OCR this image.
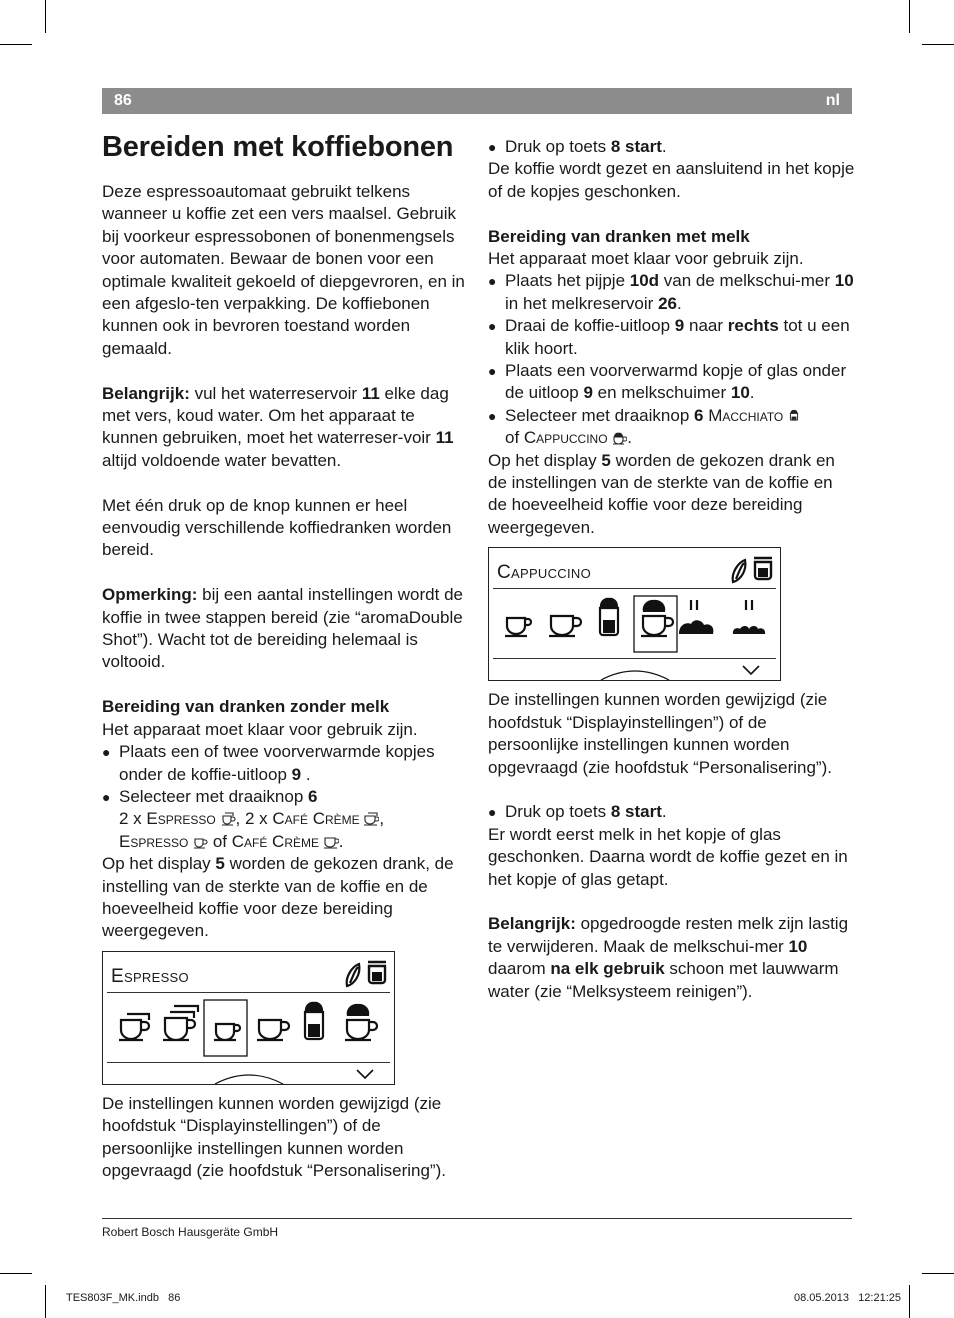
86	nl
Bereiden met koffiebonen

Deze espressoautomaat gebruikt telkens wanneer u koffie zet een vers maalsel. Gebruik bij voorkeur espressobonen of bonenmengsels voor automaten. Bewaar de bonen voor een optimale kwaliteit gekoeld of diepgevroren, en in een afgeslo-ten verpakking. De koffiebonen kunnen ook in bevroren toestand worden gemaald.

Belangrijk: vul het waterreservoir 11 elke dag met vers, koud water. Om het apparaat te kunnen gebruiken, moet het waterreser-voir 11 altijd voldoende water bevatten.

Met één druk op de knop kunnen er heel eenvoudig verschillende koffiedranken worden bereid.

Opmerking: bij een aantal instellingen wordt de koffie in twee stappen bereid (zie “aromaDouble Shot”). Wacht tot de bereiding helemaal is voltooid.

Bereiding van dranken zonder melk

Het apparaat moet klaar voor gebruik zijn.

● Plaats een of twee voorverwarmde kopjes onder de koffie-uitloop 9 .

● Selecteer met draaiknop 6
2 x Espresso , 2 x Café Crème ,
Espresso  of Café Crème .

Op het display 5 worden de gekozen drank, de instelling van de sterkte van de koffie en de hoeveelheid koffie voor deze bereiding weergegeven.

Espresso

De instellingen kunnen worden gewijzigd (zie hoofdstuk “Displayinstellingen”) of de persoonlijke instellingen kunnen worden opgevraagd (zie hoofdstuk “Personalisering”).

● Druk op toets 8 start.

De koffie wordt gezet en aansluitend in het kopje of de kopjes geschonken.

Bereiding van dranken met melk

Het apparaat moet klaar voor gebruik zijn.

● Plaats het pijpje 10d van de melkschui-mer 10 in het melkreservoir 26.

● Draai de koffie-uitloop 9 naar rechts tot u een klik hoort.

● Plaats een voorverwarmd kopje of glas onder de uitloop 9 en melkschuimer 10.

● Selecteer met draaiknop 6 Macchiato
of Cappuccino .

Op het display 5 worden de gekozen drank en de instellingen van de sterkte van de koffie en de hoeveelheid koffie voor deze bereiding weergegeven.

Cappuccino

De instellingen kunnen worden gewijzigd (zie hoofdstuk “Displayinstellingen”) of de persoonlijke instellingen kunnen worden opgevraagd (zie hoofdstuk “Personalisering”).

● Druk op toets 8 start.

Er wordt eerst melk in het kopje of glas geschonken. Daarna wordt de koffie gezet en in het kopje of glas getapt.

Belangrijk: opgedroogde resten melk zijn lastig te verwijderen. Maak de melkschui-mer 10 daarom na elk gebruik schoon met lauwwarm water (zie “Melksysteem reinigen”).

Robert Bosch Hausgeräte GmbH
TES803F_MK.indb   86	08.05.2013   12:21:25
